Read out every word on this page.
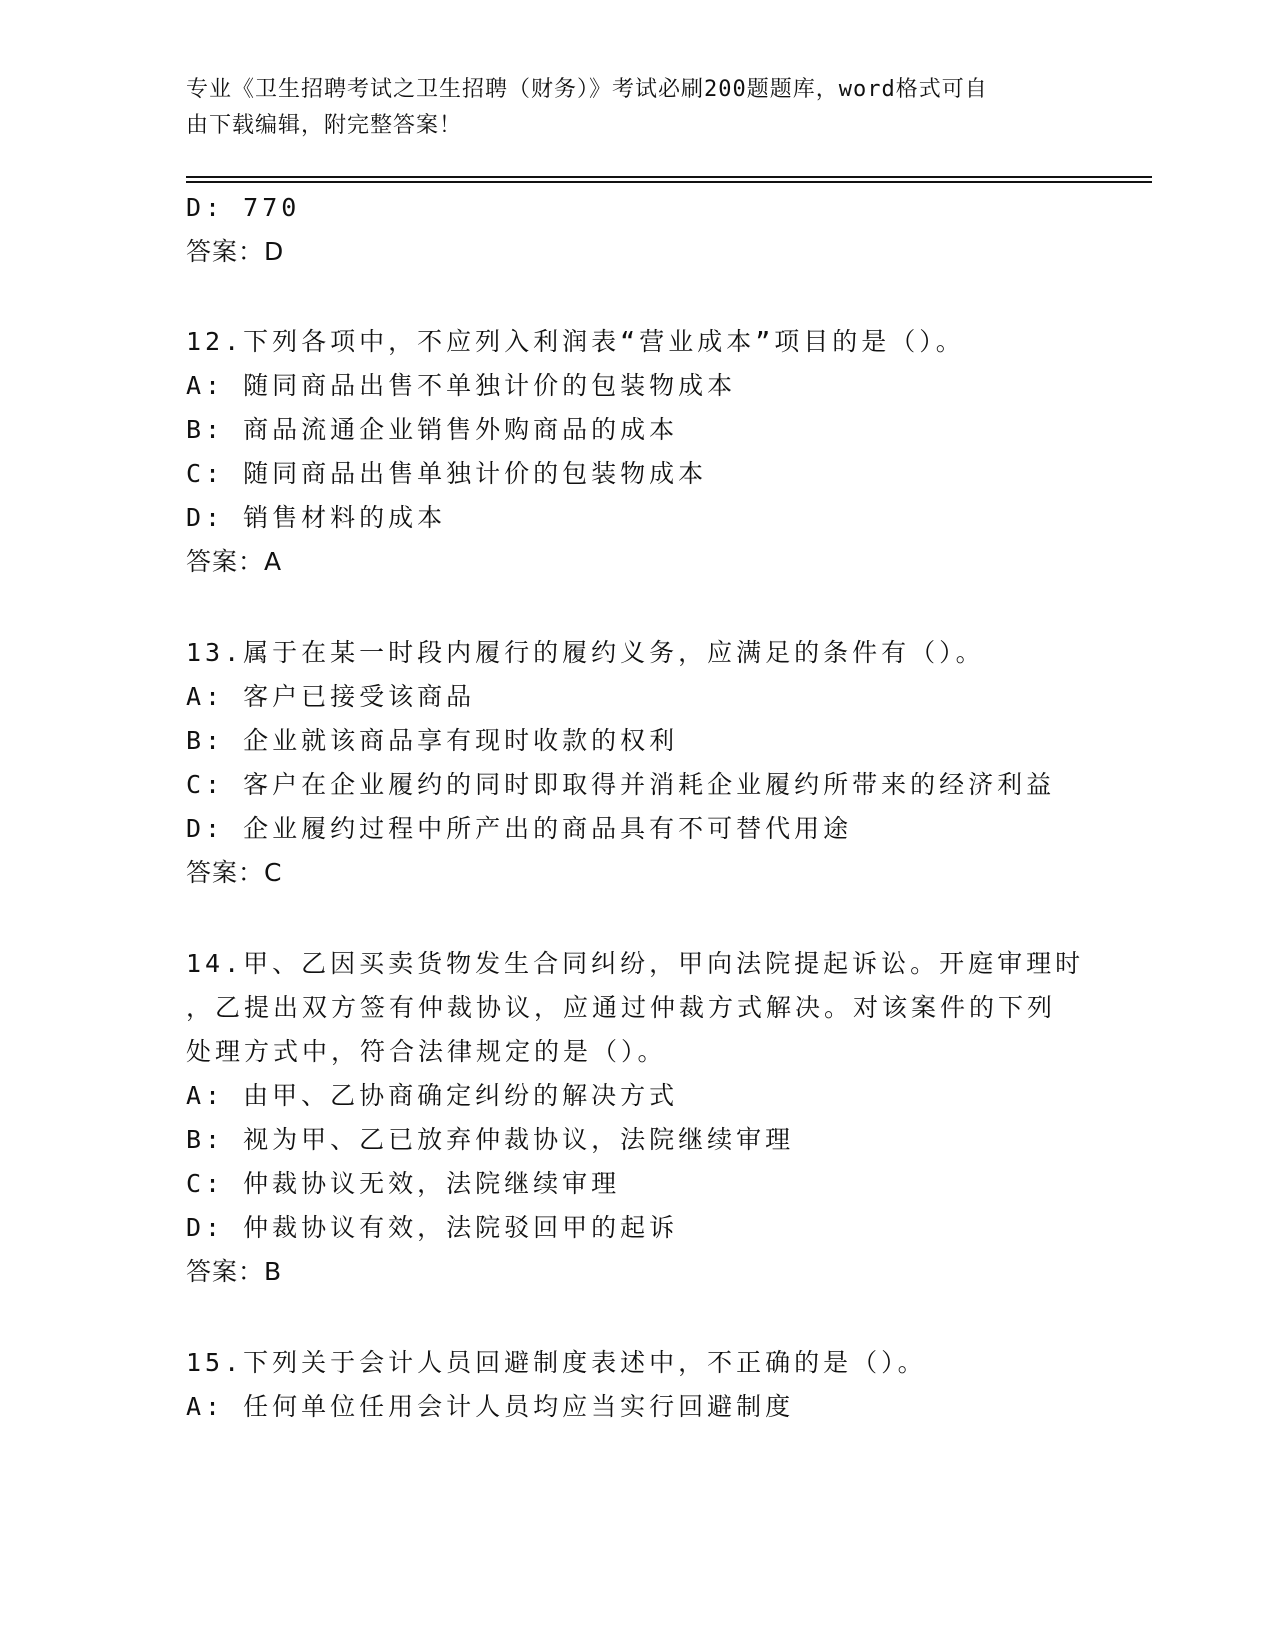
专业《卫生招聘考试之卫生招聘（财务）》考试必刷200题题库，word格式可自
由下载编辑，附完整答案！
D: 770
答案：D
12.下列各项中，不应列入利润表“营业成本”项目的是（）。
A: 随同商品出售不单独计价的包装物成本
B: 商品流通企业销售外购商品的成本
C: 随同商品出售单独计价的包装物成本
D: 销售材料的成本
答案：A
13.属于在某一时段内履行的履约义务，应满足的条件有（）。
A: 客户已接受该商品
B: 企业就该商品享有现时收款的权利
C: 客户在企业履约的同时即取得并消耗企业履约所带来的经济利益
D: 企业履约过程中所产出的商品具有不可替代用途
答案：C
14.甲、乙因买卖货物发生合同纠纷，甲向法院提起诉讼。开庭审理时
，乙提出双方签有仲裁协议，应通过仲裁方式解决。对该案件的下列
处理方式中，符合法律规定的是（）。
A: 由甲、乙协商确定纠纷的解决方式
B: 视为甲、乙已放弃仲裁协议，法院继续审理
C: 仲裁协议无效，法院继续审理
D: 仲裁协议有效，法院驳回甲的起诉
答案：B
15.下列关于会计人员回避制度表述中，不正确的是（）。
A: 任何单位任用会计人员均应当实行回避制度
